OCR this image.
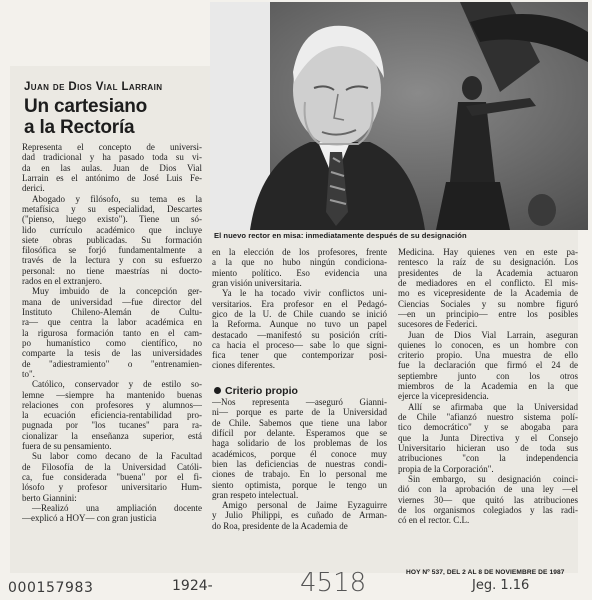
El nuevo rector en misa: inmediatamente después de su designación
Juan de Dios Vial Larrain
Un cartesiano
a la Rectoría
Representa el concepto de universi-
dad tradicional y ha pasado toda su vi-
da en las aulas. Juan de Dios Vial
Larrain es el antónimo de José Luis Fe-
derici.
Abogado y filósofo, su tema es la
metafísica y su especialidad, Descartes
("pienso, luego existo"). Tiene un só-
lido currículo académico que incluye
siete obras publicadas. Su formación
filosófica se forjó fundamentalmente a
través de la lectura y con su esfuerzo
personal: no tiene maestrías ni docto-
rados en el extranjero.
Muy imbuido de la concepción ger-
mana de universidad —fue director del
Instituto Chileno-Alemán de Cultu-
ra— que centra la labor académica en
la rigurosa formación tanto en el cam-
po humanístico como científico, no
comparte la tesis de las universidades
de "adiestramiento" o "entrenamien-
to".
Católico, conservador y de estilo so-
lemne —siempre ha mantenido buenas
relaciones con profesores y alumnos—
la ecuación eficiencia-rentabilidad pro-
pugnada por "los tucanes" para ra-
cionalizar la enseñanza superior, está
fuera de su pensamiento.
Su labor como decano de la Facultad
de Filosofía de la Universidad Católi-
ca, fue considerada "buena" por el fi-
lósofo y profesor universitario Hum-
berto Giannini:
—Realizó una ampliación docente
—explicó a HOY— con gran justicia
en la elección de los profesores, frente
a la que no hubo ningún condiciona-
miento político. Eso evidencia una
gran visión universitaria.
Ya le ha tocado vivir conflictos uni-
versitarios. Era profesor en el Pedagó-
gico de la U. de Chile cuando se inició
la Reforma. Aunque no tuvo un papel
destacado —manifestó su posición críti-
ca hacia el proceso— sabe lo que signi-
fica tener que contemporizar posi-
ciones diferentes.
Criterio propio
—Nos representa —aseguró Gianni-
ni— porque es parte de la Universidad
de Chile. Sabemos que tiene una labor
difícil por delante. Esperamos que se
haga solidario de los problemas de los
académicos, porque él conoce muy
bien las deficiencias de nuestras condi-
ciones de trabajo. En lo personal me
siento optimista, porque le tengo un
gran respeto intelectual.
Amigo personal de Jaime Eyzaguirre
y Julio Philippi, es cuñado de Arman-
do Roa, presidente de la Academia de
Medicina. Hay quienes ven en este pa-
rentesco la raíz de su designación. Los
presidentes de la Academia actuaron
de mediadores en el conflicto. El mis-
mo es vicepresidente de la Academia de
Ciencias Sociales y su nombre figuró
—en un principio— entre los posibles
sucesores de Federici.
Juan de Dios Vial Larrain, aseguran
quienes lo conocen, es un hombre con
criterio propio. Una muestra de ello
fue la declaración que firmó el 24 de
septiembre junto con los otros
miembros de la Academia en la que
ejerce la vicepresidencia.
Allí se afirmaba que la Universidad
de Chile "afianzó nuestro sistema polí-
tico democrático" y se abogaba para
que la Junta Directiva y el Consejo
Universitario hicieran uso de toda sus
atribuciones "con la independencia
propia de la Corporación".
Sin embargo, su designación coinci-
dió con la aprobación de una ley —el
viernes 30— que quitó las atribuciones
de los organismos colegiados y las radi-
có en el rector. C.L.
HOY Nº 537, DEL 2 AL 8 DE NOVIEMBRE DE 1987
000157983	1924-	4518	Jeg. 1.16
